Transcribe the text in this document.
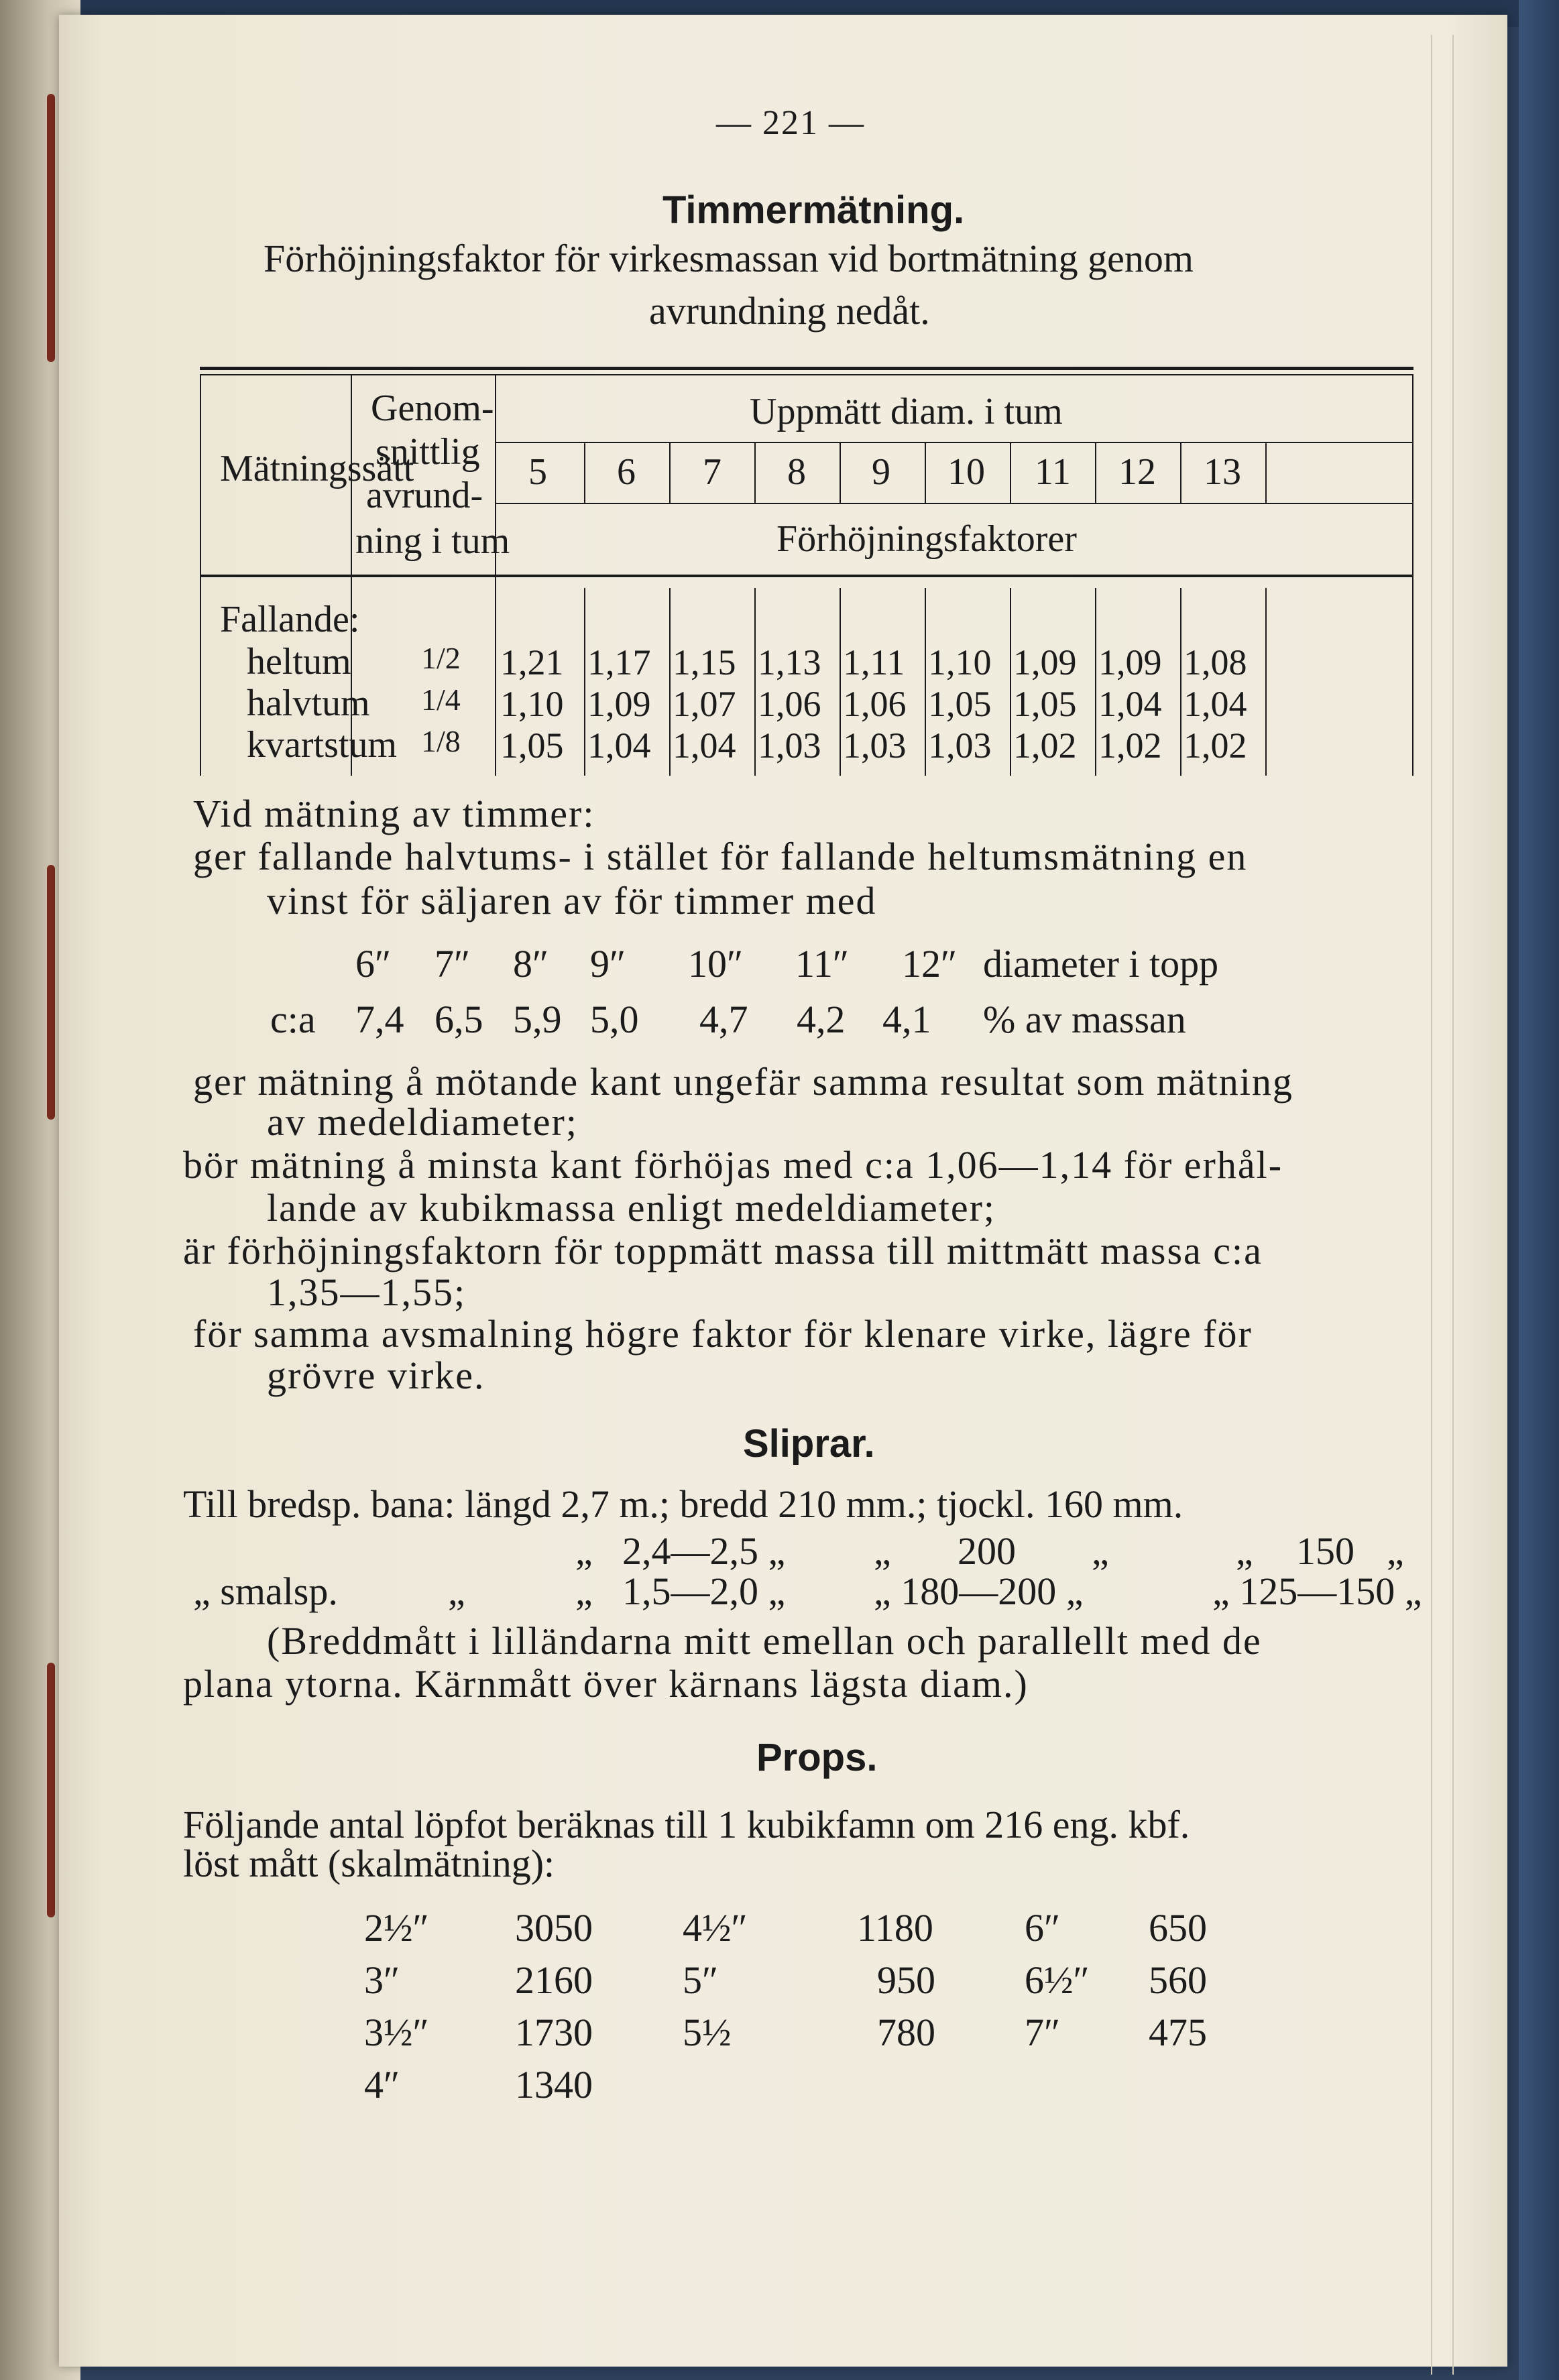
— 221 —
Timmermätning.
Förhöjningsfaktor för virkesmassan vid bortmätning genom
avrundning nedåt.
Mätningssätt
Genom-
snittlig
avrund-
ning i tum
Uppmätt diam. i tum
5 6 7 8 9 10 11 12 13
Förhöjningsfaktorer
Fallande:
heltum 1/2 1,21 1,17 1,15 1,13 1,11 1,10 1,09 1,09 1,08
halvtum 1/4 1,10 1,09 1,07 1,06 1,06 1,05 1,05 1,04 1,04
kvartstum 1/8 1,05 1,04 1,04 1,03 1,03 1,03 1,02 1,02 1,02
Vid mätning av timmer:
ger fallande halvtums- i stället för fallande heltumsmätning en
vinst för säljaren av för timmer med
6″ 7″ 8″ 9″ 10″ 11″ 12″ diameter i topp
c:a 7,4 6,5 5,9 5,0 4,7 4,2 4,1 % av massan
ger mätning å mötande kant ungefär samma resultat som mätning
av medeldiameter;
bör mätning å minsta kant förhöjas med c:a 1,06—1,14 för erhål-
lande av kubikmassa enligt medeldiameter;
är förhöjningsfaktorn för toppmätt massa till mittmätt massa c:a
1,35—1,55;
för samma avsmalning högre faktor för klenare virke, lägre för
grövre virke.
Sliprar.
Till bredsp. bana: längd 2,7 m.; bredd 210 mm.; tjockl. 160 mm.
„ 2,4—2,5 „ „ 200 „	„ 150 „
„ smalsp.	„	„ 1,5—2,0 „ „ 180—200 „	„ 125—150 „
(Breddmått i lilländarna mitt emellan och parallellt med de
plana ytorna. Kärnmått över kärnans lägsta diam.)
Props.
Följande antal löpfot beräknas till 1 kubikfamn om 216 eng. kbf.
löst mått (skalmätning):
2½″ 3050 4½″	1180 6″ 650
3″	2160 5″	950 6½″ 560
3½″ 1730 5½	780 7″ 475
4″	1340
